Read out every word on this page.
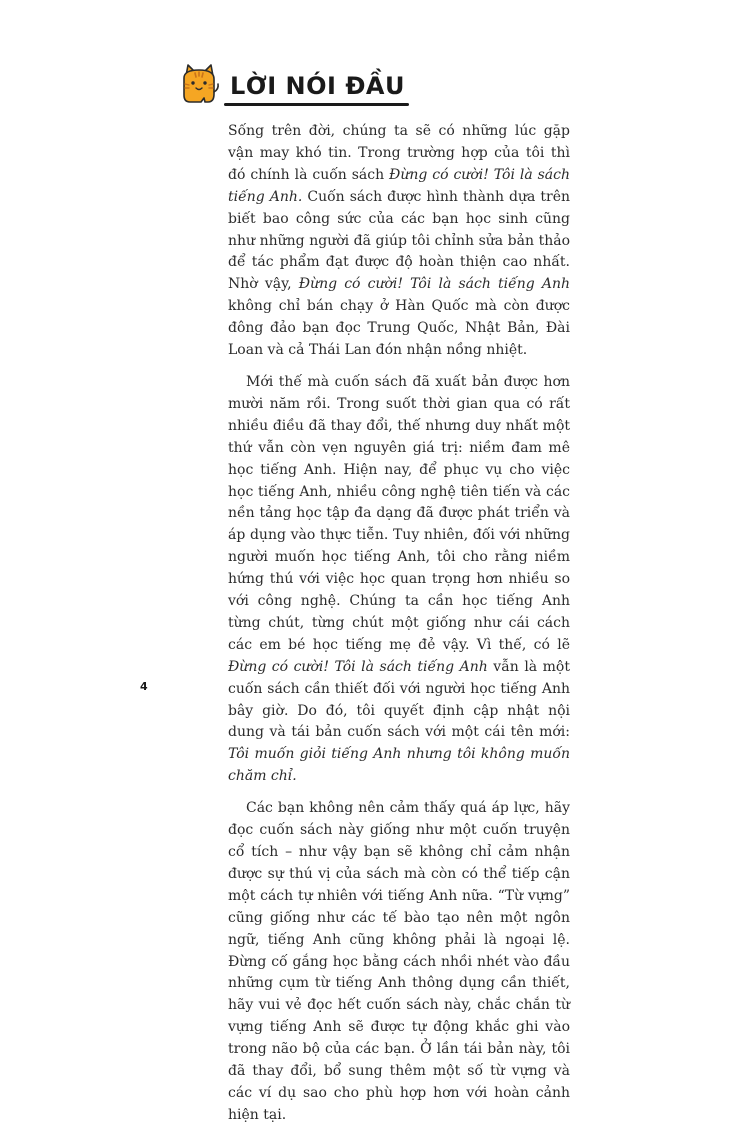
LỜI NÓI ĐẦU

Sống trên đời, chúng ta sẽ có những lúc gặp vận may khó tin. Trong trường hợp của tôi thì đó chính là cuốn sách Đừng có cười! Tôi là sách tiếng Anh. Cuốn sách được hình thành dựa trên biết bao công sức của các bạn học sinh cũng như những người đã giúp tôi chỉnh sửa bản thảo để tác phẩm đạt được độ hoàn thiện cao nhất. Nhờ vậy, Đừng có cười! Tôi là sách tiếng Anh không chỉ bán chạy ở Hàn Quốc mà còn được đông đảo bạn đọc Trung Quốc, Nhật Bản, Đài Loan và cả Thái Lan đón nhận nồng nhiệt.

Mới thế mà cuốn sách đã xuất bản được hơn mười năm rồi. Trong suốt thời gian qua có rất nhiều điều đã thay đổi, thế nhưng duy nhất một thứ vẫn còn vẹn nguyên giá trị: niềm đam mê học tiếng Anh. Hiện nay, để phục vụ cho việc học tiếng Anh, nhiều công nghệ tiên tiến và các nền tảng học tập đa dạng đã được phát triển và áp dụng vào thực tiễn. Tuy nhiên, đối với những người muốn học tiếng Anh, tôi cho rằng niềm hứng thú với việc học quan trọng hơn nhiều so với công nghệ. Chúng ta cần học tiếng Anh từng chút, từng chút một giống như cái cách các em bé học tiếng mẹ đẻ vậy. Vì thế, có lẽ Đừng có cười! Tôi là sách tiếng Anh vẫn là một cuốn sách cần thiết đối với người học tiếng Anh bây giờ. Do đó, tôi quyết định cập nhật nội dung và tái bản cuốn sách với một cái tên mới: Tôi muốn giỏi tiếng Anh nhưng tôi không muốn chăm chỉ.

Các bạn không nên cảm thấy quá áp lực, hãy đọc cuốn sách này giống như một cuốn truyện cổ tích – như vậy bạn sẽ không chỉ cảm nhận được sự thú vị của sách mà còn có thể tiếp cận một cách tự nhiên với tiếng Anh nữa. “Từ vựng” cũng giống như các tế bào tạo nên một ngôn ngữ, tiếng Anh cũng không phải là ngoại lệ. Đừng cố gắng học bằng cách nhồi nhét vào đầu những cụm từ tiếng Anh thông dụng cần thiết, hãy vui vẻ đọc hết cuốn sách này, chắc chắn từ vựng tiếng Anh sẽ được tự động khắc ghi vào trong não bộ của các bạn. Ở lần tái bản này, tôi đã thay đổi, bổ sung thêm một số từ vựng và các ví dụ sao cho phù hợp hơn với hoàn cảnh hiện tại.

4
